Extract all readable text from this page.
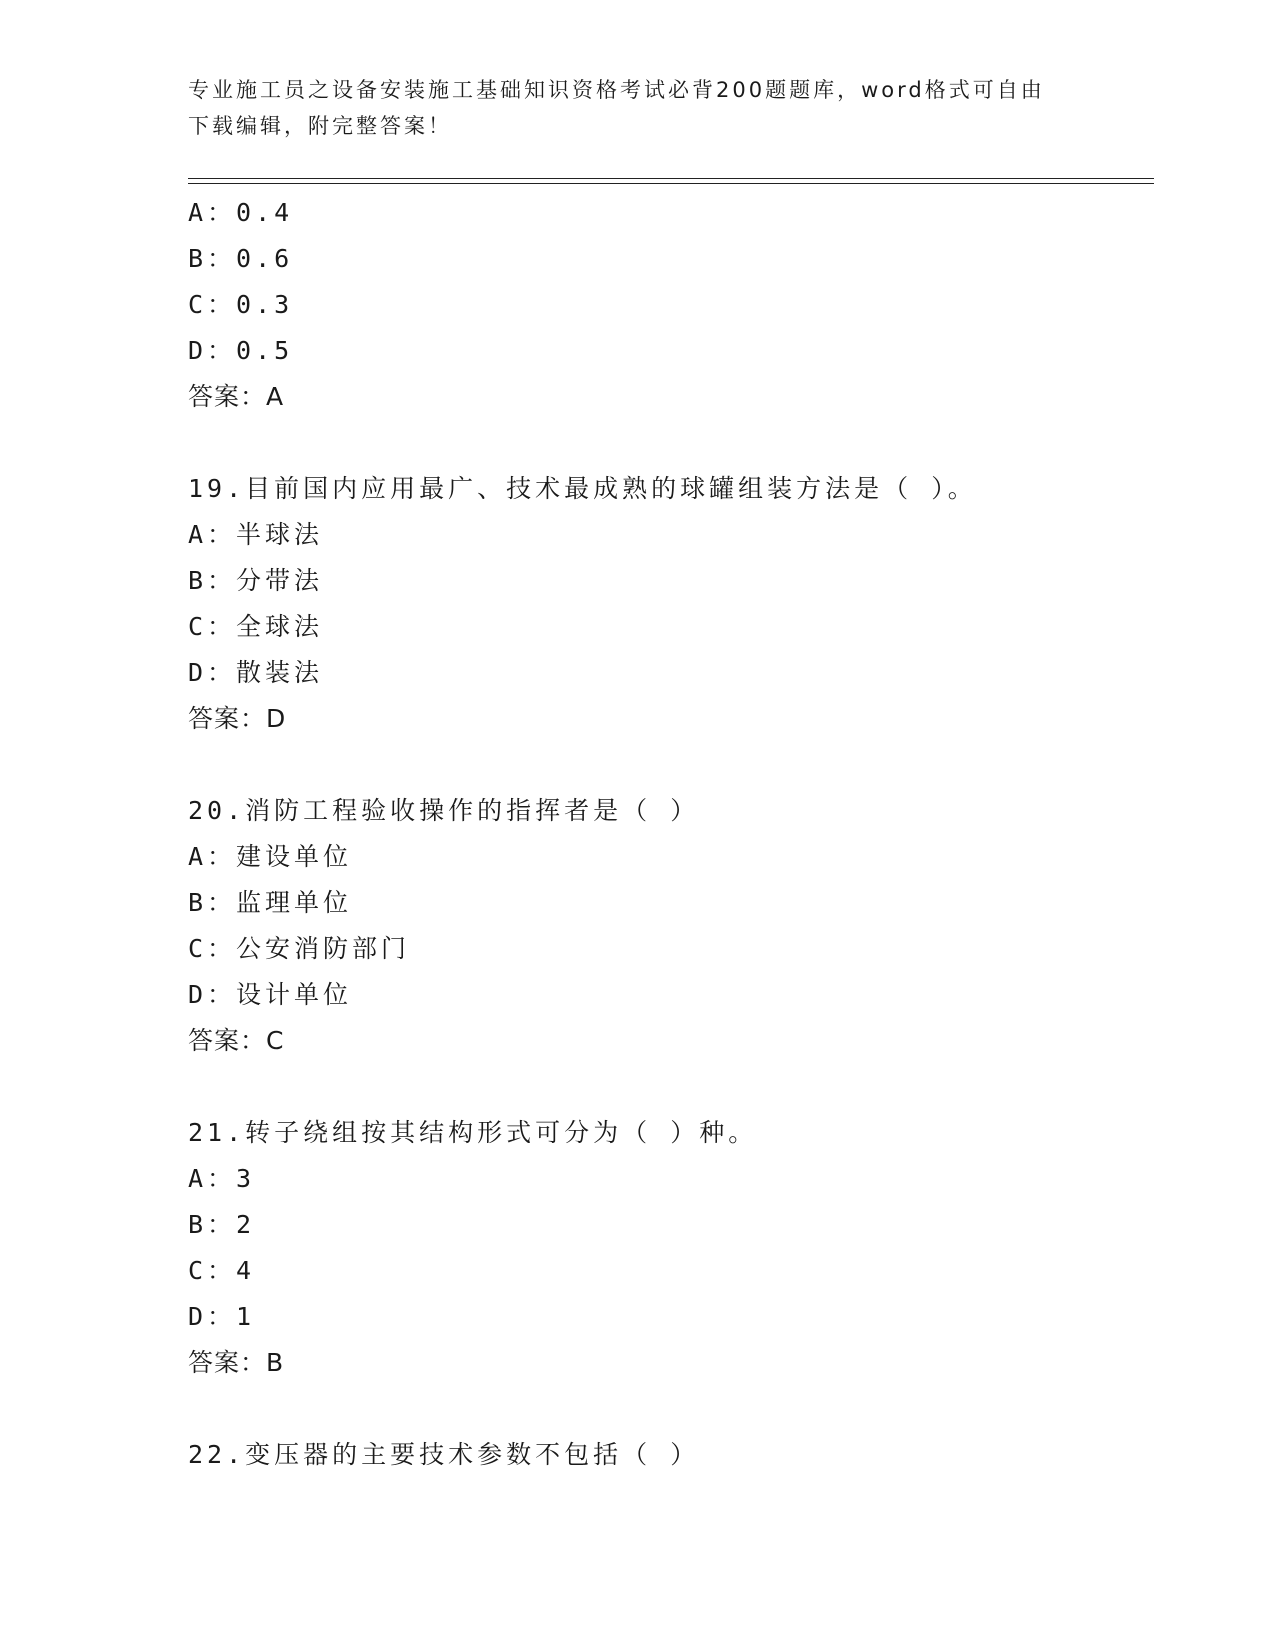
专业施工员之设备安装施工基础知识资格考试必背200题题库，word格式可自由
下载编辑，附完整答案！
A：0.4
B：0.6
C：0.3
D：0.5
答案：A
19.目前国内应用最广、技术最成熟的球罐组装方法是（ ）。
A：半球法
B：分带法
C：全球法
D：散装法
答案：D
20.消防工程验收操作的指挥者是（ ）
A：建设单位
B：监理单位
C：公安消防部门
D：设计单位
答案：C
21.转子绕组按其结构形式可分为（ ）种。
A：3
B：2
C：4
D：1
答案：B
22.变压器的主要技术参数不包括（ ）
